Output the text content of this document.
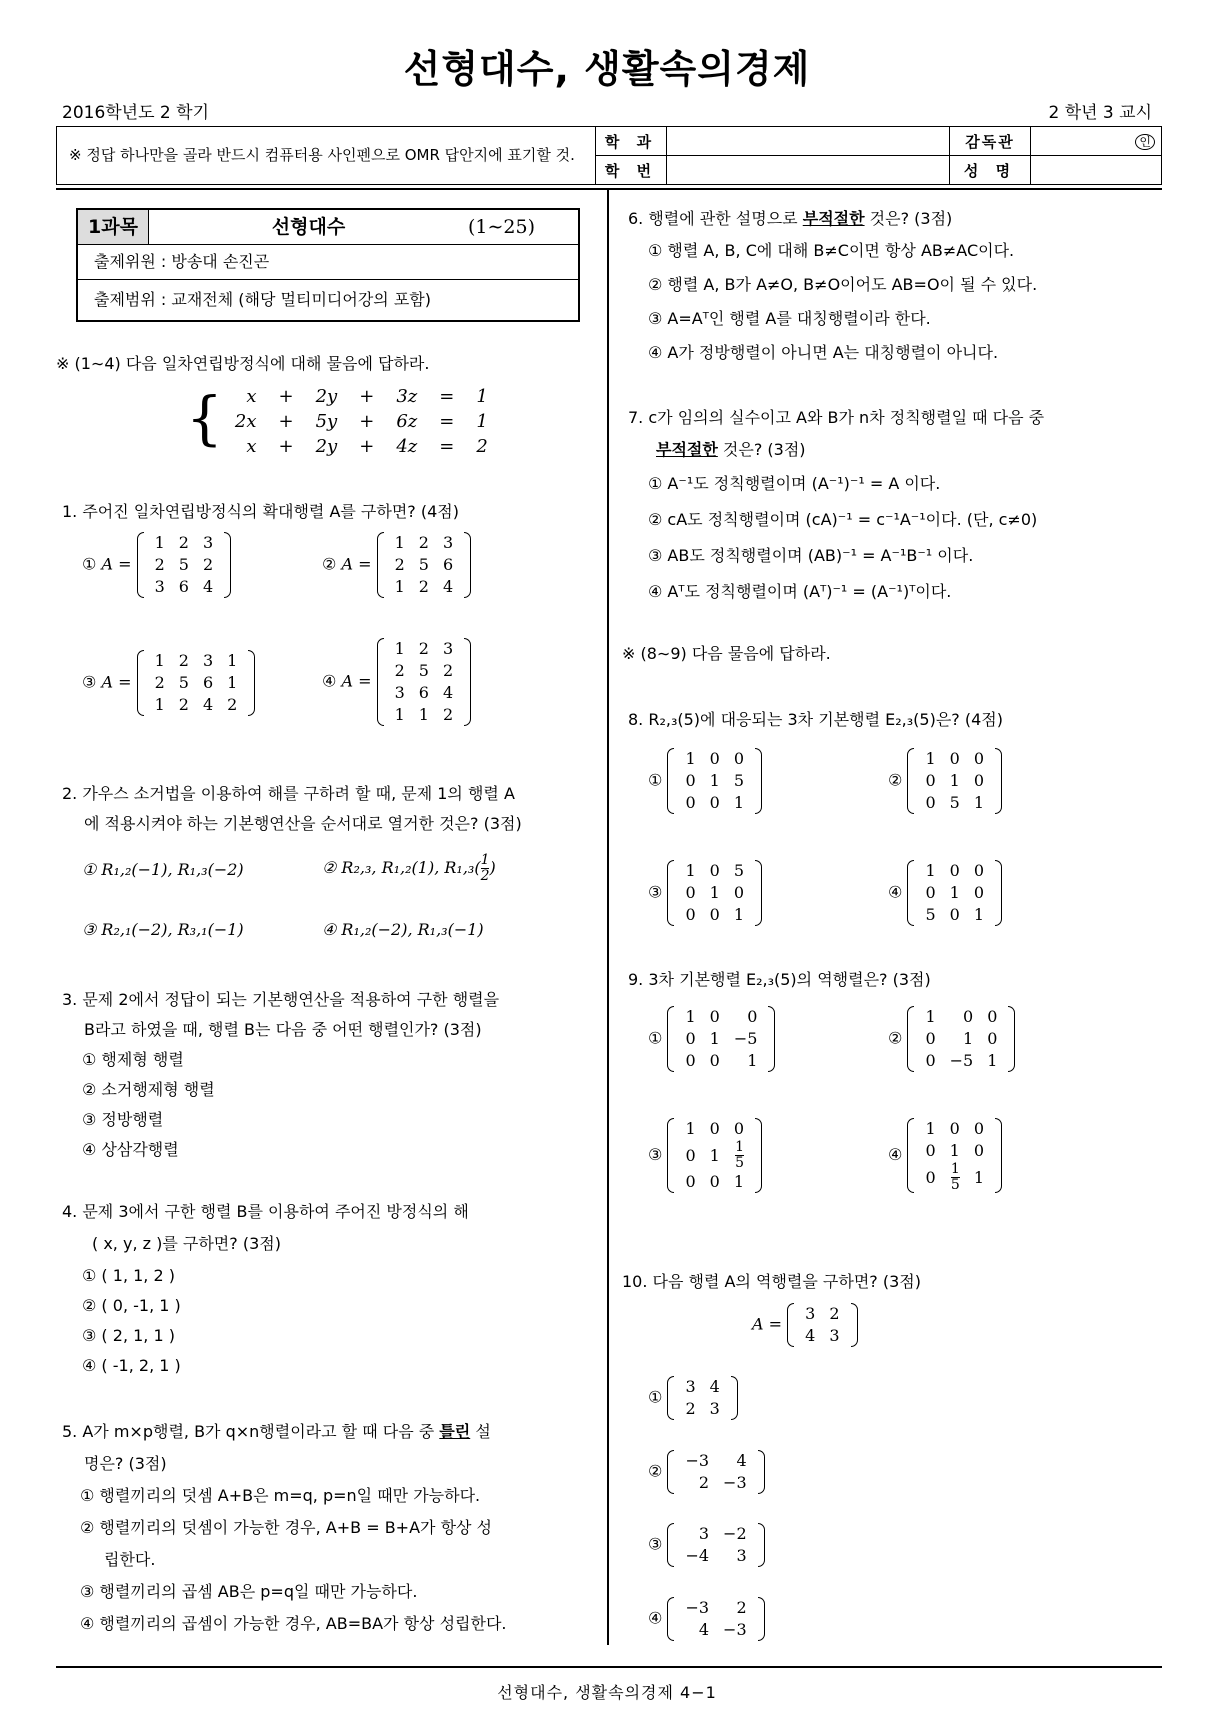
선형대수, 생활속의경제
2016학년도 2 학기	2 학년 3 교시
※ 정답 하나만을 골라 반드시 컴퓨터용 사인펜으로 OMR 답안지에 표기할 것.	학 과		감독관	인
	학 번		성 명	
1과목	선형대수	(1∼25)
출제위원 : 방송대 손진곤
출제범위 : 교재전체 (해당 멀티미디어강의 포함)
※ (1∼4) 다음 일차연립방정식에 대해 물음에 답하라.
{ x	+	2y	+	3z	=	1
2x	+	5y	+	6z	=	1
x	+	2y	+	4z	=	2
1. 주어진 일차연립방정식의 확대행렬 A를 구하면? (4점)
① A =
1	2	3
2	5	2
3	6	4
② A =
1	2	3
2	5	6
1	2	4
③ A =
1	2	3	1
2	5	6	1
1	2	4	2
④ A =
1	2	3
2	5	2
3	6	4
1	1	2
2. 가우스 소거법을 이용하여 해를 구하려 할 때, 문제 1의 행렬 A
에 적용시켜야 하는 기본행연산을 순서대로 열거한 것은? (3점)
① R₁,₂(−1), R₁,₃(−2)	② R₂,₃, R₁,₂(1), $R_1,_3( \frac{1}{2}$ )
③ R₂,₁(−2), R₃,₁(−1)	④ R₁,₂(−2), R₁,₃(−1)
3. 문제 2에서 정답이 되는 기본행연산을 적용하여 구한 행렬을
B라고 하였을 때, 행렬 B는 다음 중 어떤 행렬인가? (3점)
① 행제형 행렬
② 소거행제형 행렬
③ 정방행렬
④ 상삼각행렬
4. 문제 3에서 구한 행렬 B를 이용하여 주어진 방정식의 해
( x, y, z )를 구하면? (3점)
① ( 1, 1, 2 )
② ( 0, -1, 1 )
③ ( 2, 1, 1 )
④ ( -1, 2, 1 )
5. A가 m×p행렬, B가 q×n행렬이라고 할 때 다음 중 틀린 설
명은? (3점)
① 행렬끼리의 덧셈 A+B은 m=q, p=n일 때만 가능하다.
② 행렬끼리의 덧셈이 가능한 경우, A+B = B+A가 항상 성
립한다.
③ 행렬끼리의 곱셈 AB은 p=q일 때만 가능하다.
④ 행렬끼리의 곱셈이 가능한 경우, AB=BA가 항상 성립한다.
6. 행렬에 관한 설명으로 부적절한 것은? (3점)
① 행렬 A, B, C에 대해 B≠C이면 항상 AB≠AC이다.
② 행렬 A, B가 A≠O, B≠O이어도 AB=O이 될 수 있다.
③ A=Aᵀ인 행렬 A를 대칭행렬이라 한다.
④ A가 정방행렬이 아니면 A는 대칭행렬이 아니다.
7. c가 임의의 실수이고 A와 B가 n차 정칙행렬일 때 다음 중
부적절한 것은? (3점)
① A⁻¹도 정칙행렬이며 (A⁻¹)⁻¹ = A 이다.
② cA도 정칙행렬이며 (cA)⁻¹ = c⁻¹A⁻¹이다. (단, c≠0)
③ AB도 정칙행렬이며 (AB)⁻¹ = A⁻¹B⁻¹ 이다.
④ Aᵀ도 정칙행렬이며 (Aᵀ)⁻¹ = (A⁻¹)ᵀ이다.
※ (8∼9) 다음 물음에 답하라.
8. R₂,₃(5)에 대응되는 3차 기본행렬 E₂,₃(5)은? (4점)
①
1	0	0
0	1	5
0	0	1
②
1	0	0
0	1	0
0	5	1
③
1	0	5
0	1	0
0	0	1
④
1	0	0
0	1	0
5	0	1
9. 3차 기본행렬 E₂,₃(5)의 역행렬은? (3점)
①
1	0	0
0	1	−5
0	0	1
②
1	0	0
0	1	0
0	−5	1
③
1	0	0
0	1	$\frac{1}{5}$

0	0	1
④
1	0	0
0	1	0
0	$\frac{1}{5}$	1
10. 다음 행렬 A의 역행렬을 구하면? (3점)
A =
3	2
4	3
①
3	4
2	3
②
−3	4
2	−3
③
3	−2
−4	3
④
−3	2
4	−3
선형대수, 생활속의경제 4−1
